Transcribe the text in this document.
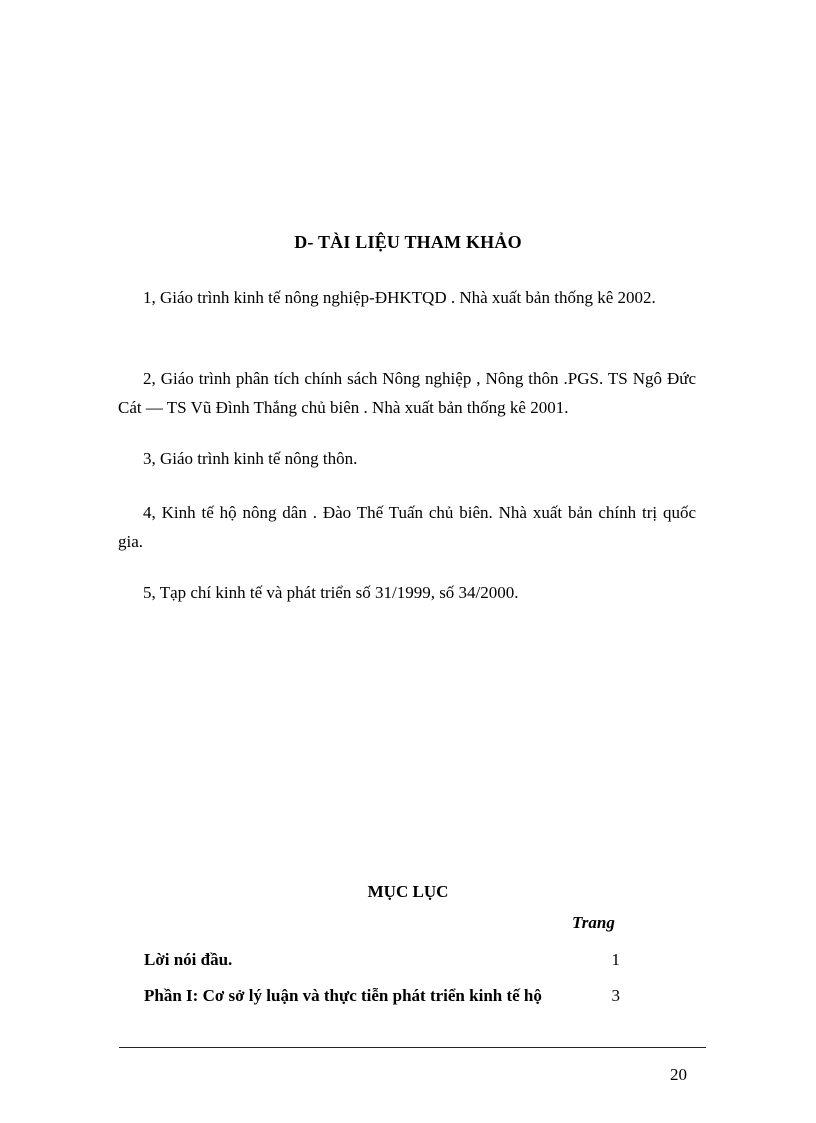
D- TÀI LIỆU THAM KHẢO

1, Giáo trình kinh tế nông nghiệp-ĐHKTQD . Nhà xuất bản thống kê 2002.

2, Giáo trình phân tích chính sách Nông nghiệp , Nông thôn .PGS. TS Ngô Đức Cát — TS Vũ Đình Thắng chủ biên . Nhà xuất bản thống kê 2001.

3, Giáo trình kinh tế nông thôn.

4, Kinh tế hộ nông dân . Đào Thế Tuấn chủ biên. Nhà xuất bản chính trị quốc gia.

5, Tạp chí kinh tế và phát triển số 31/1999, số 34/2000.

MỤC LỤC
Trang
Lời nói đầu.	1
Phần I: Cơ sở lý luận và thực tiễn phát triển kinh tế hộ	3
20
